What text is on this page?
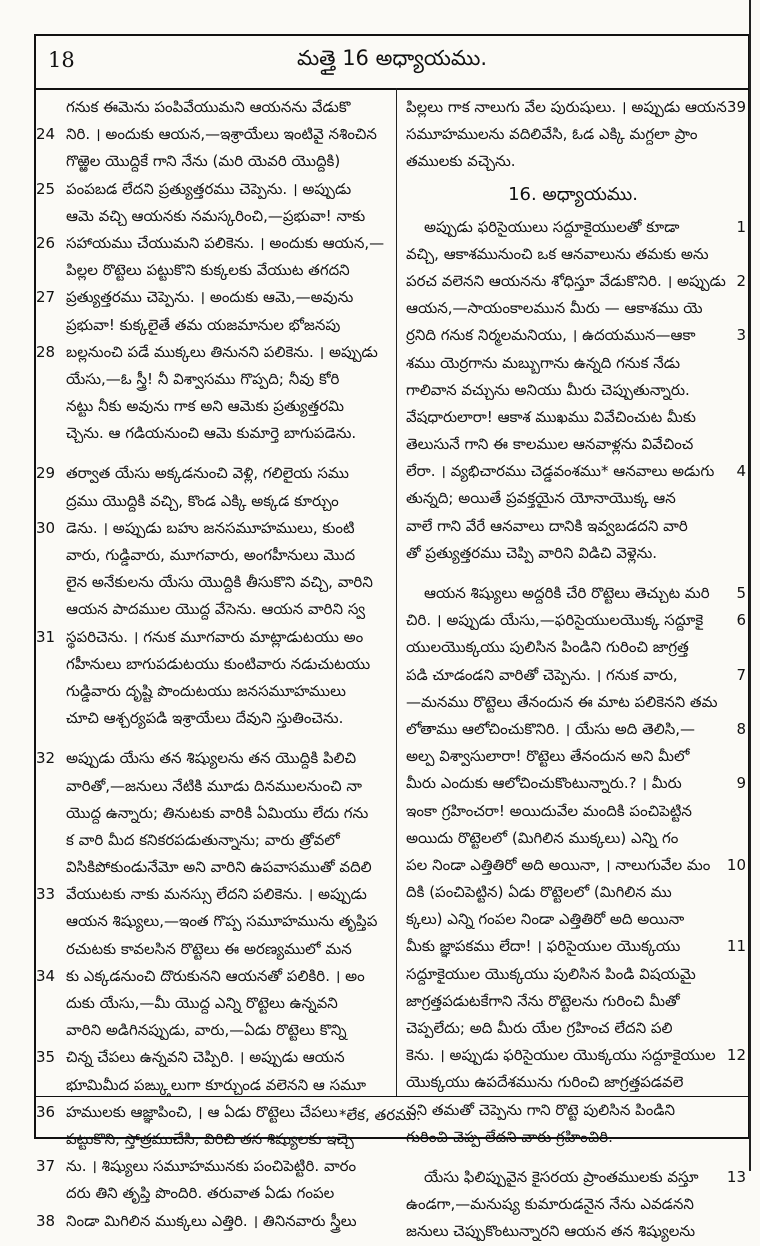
18	మత్తై 16 అధ్యాయము.
గనుక ఈమెను పంపివేయుమని ఆయనను వేడుకొ
24 నిరి. । అందుకు ఆయన,—ఇశ్రాయేలు ఇంటివై నశించిన
గొఱ్ఱెల యొద్దికే గాని నేను (మరి యెవరి యొద్దికి)
25 పంపబడ లేదని ప్రత్యుత్తరము చెప్పెను. । అప్పుడు
ఆమె వచ్చి ఆయనకు నమస్కరించి,—ప్రభువా! నాకు
26 సహాయము చేయుమని పలికెను. । అందుకు ఆయన,—
పిల్లల రొట్టెలు పట్టుకొని కుక్కలకు వేయుట తగదని
27 ప్రత్యుత్తరము చెప్పెను. । అందుకు ఆమె,—అవును
ప్రభువా! కుక్కలైతే తమ యజమానుల భోజనపు
28 బల్లనుంచి పడే ముక్కలు తినునని పలికెను. । అప్పుడు
యేసు,—ఓ స్త్రీ! నీ విశ్వాసము గొప్పది; నీవు కోరి
నట్టు నీకు అవును గాక అని ఆమెకు ప్రత్యుత్తరమి
చ్చెను. ఆ గడియనుంచి ఆమె కుమార్తె బాగుపడెను.
29 తర్వాత యేసు అక్కడనుంచి వెళ్లి, గలిలైయ సము
ద్రము యొద్దికి వచ్చి, కొండ ఎక్కి అక్కడ కూర్చుం
30 డెను. । అప్పుడు బహు జనసమూహములు, కుంటి
వారు, గుడ్డివారు, మూగవారు, అంగహీనులు మొద
లైన అనేకులను యేసు యొద్దికి తీసుకొని వచ్చి, వారిని
ఆయన పాదముల యొద్ద వేసెను. ఆయన వారిని స్వ
31 స్థపరిచెను. । గనుక మూగవారు మాట్లాడుటయు అం
గహీనులు బాగుపడుటయు కుంటివారు నడుచుటయు
గుడ్డివారు దృష్టి పొందుటయు జనసమూహములు
చూచి ఆశ్చర్యపడి ఇశ్రాయేలు దేవుని స్తుతించెను.
32 అప్పుడు యేసు తన శిష్యులను తన యొద్దికి పిలిచి
వారితో,—జనులు నేటికి మూడు దినములనుంచి నా
యొద్ద ఉన్నారు; తినుటకు వారికి ఏమియు లేదు గను
క వారి మీద కనికరపడుతున్నాను; వారు త్రోవలో
విసికిపోకుండునేమో అని వారిని ఉపవాసముతో వదిలి
33 వేయుటకు నాకు మనస్సు లేదని పలికెను. । అప్పుడు
ఆయన శిష్యులు,—ఇంత గొప్ప సమూహమును తృప్తిప
రచుటకు కావలసిన రొట్టెలు ఈ అరణ్యములో మన
34 కు ఎక్కడనుంచి దొరుకునని ఆయనతో పలికిరి. । అం
దుకు యేసు,—మీ యొద్ద ఎన్ని రొట్టెలు ఉన్నవని
వారిని అడిగినప్పుడు, వారు,—ఏడు రొట్టెలు కొన్ని
35 చిన్న చేపలు ఉన్నవని చెప్పిరి. । అప్పుడు ఆయన
భూమిమీద పఙ్క్తులుగా కూర్చుండ వలెనని ఆ సమూ
36 హములకు ఆజ్ఞాపించి, । ఆ ఏడు రొట్టెలు చేపలు
పట్టుకొని, స్తోత్రముచేసి, విరిచి తన శిష్యులకు ఇచ్చె
37 ను. । శిష్యులు సమూహమునకు పంచిపెట్టిరి. వారం
దరు తిని తృప్తి పొందిరి. తరువాత ఏడు గంపల
38 నిండా మిగిలిన ముక్కలు ఎత్తిరి. । తినినవారు స్త్రీలు
39
పిల్లలు గాక నాలుగు వేల పురుషులు. । అప్పుడు ఆయన
సమూహములను వదిలివేసి, ఓడ ఎక్కి మగ్దలా ప్రాం
తములకు వచ్చెను.
16. అధ్యాయము.
1
అప్పుడు ఫరిసైయులు సద్దూకైయులతో కూడా
వచ్చి, ఆకాశమునుంచి ఒక ఆనవాలును తమకు అను
2
పరచ వలెనని ఆయనను శోధిస్తూ వేడుకొనిరి. । అప్పుడు
ఆయన,—సాయంకాలమున మీరు — ఆకాశము యె
3
ర్రనిది గనుక నిర్మలమనియు, । ఉదయమున—ఆకా
శము యెర్రగాను మబ్బుగాను ఉన్నది గనుక నేడు
గాలివాన వచ్చును అనియు మీరు చెప్పుతున్నారు.
వేషధారులారా! ఆకాశ ముఖము వివేచించుట మీకు
తెలుసునే గాని ఈ కాలముల ఆనవాళ్లను వివేచించ
4
లేరా. । వ్యభిచారము చెడ్డవంశము* ఆనవాలు అడుగు
తున్నది; అయితే ప్రవక్తయైన యోనాయొక్క ఆన
వాలే గాని వేరే ఆనవాలు దానికి ఇవ్వబడదని వారి
తో ప్రత్యుత్తరము చెప్పి వారిని విడిచి వెళ్లెను.
5
ఆయన శిష్యులు అద్దరికి చేరి రొట్టెలు తెచ్చుట మరి
6
చిరి. । అప్పుడు యేసు,—ఫరిసైయులయొక్క సద్దూకై
యులయొక్కయు పులిసిన పిండిని గురించి జాగ్రత్త
7
పడి చూడండని వారితో చెప్పెను. । గనుక వారు,
—మనము రొట్టెలు తేనందున ఈ మాట పలికెనని తమ
8
లోతాము ఆలోచించుకొనిరి. । యేసు అది తెలిసి,—
అల్ప విశ్వాసులారా! రొట్టెలు తేనందున అని మీలో
9
మీరు ఎందుకు ఆలోచించుకొంటున్నారు.? । మీరు
ఇంకా గ్రహించరా! అయిదువేల మందికి పంచిపెట్టిన
అయిదు రొట్టెలలో (మిగిలిన ముక్కలు) ఎన్ని గం
10
పల నిండా ఎత్తితిరో అది అయినా, । నాలుగువేల మం
దికి (పంచిపెట్టిన) ఏడు రొట్టెలలో (మిగిలిన ము
క్కలు) ఎన్ని గంపల నిండా ఎత్తితిరో అది అయినా
11
మీకు జ్ఞాపకము లేదా! । ఫరిసైయుల యొక్కయు
సద్దూకైయుల యొక్కయు పులిసిన పిండి విషయమై
జాగ్రత్తపడుటకేగాని నేను రొట్టెలను గురించి మీతో
చెప్పలేదు; అది మీరు యేల గ్రహించ లేదని పలి
12
కెను. । అప్పుడు ఫరిసైయుల యొక్కయు సద్దూకైయుల
యొక్కయు ఉపదేశమును గురించి జాగ్రత్తపడవలె
నని తమతో చెప్పెను గాని రొట్టె పులిసిన పిండిని
గురించి చెప్ప లేదని వారు గ్రహించిరి.
13
యేసు ఫిలిప్పువైన కైసరయ ప్రాంతములకు వస్తూ
ఉండగా,—మనుష్య కుమారుడనైన నేను ఎవడనని
జనులు చెప్పుకొంటున్నారని ఆయన తన శిష్యులను
*లేక, తరము.
